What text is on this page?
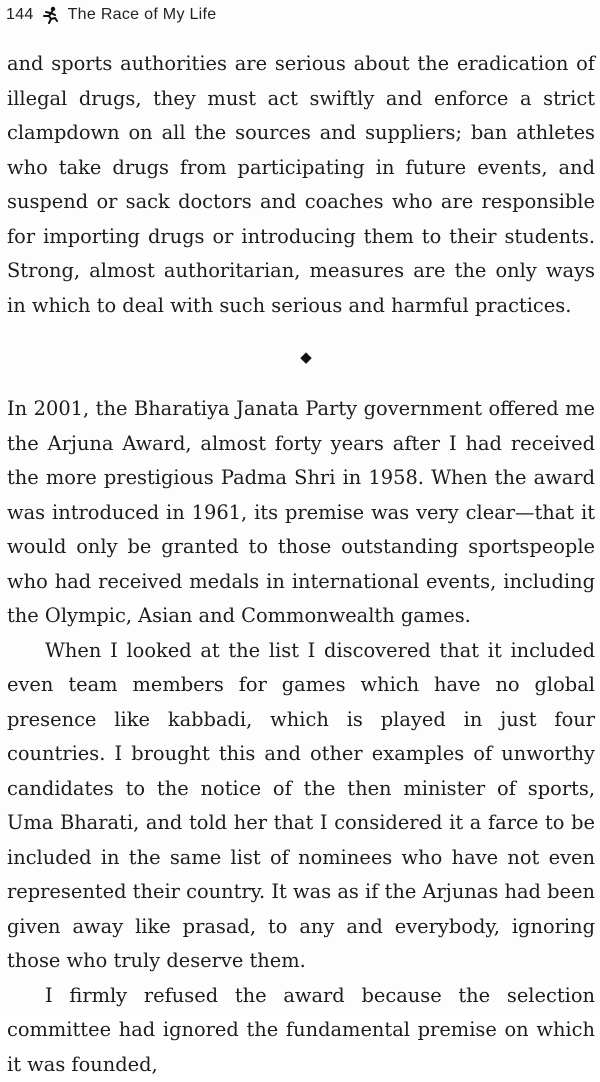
144 The Race of My Life

and sports authorities are serious about the eradication of illegal drugs, they must act swiftly and enforce a strict clampdown on all the sources and suppliers; ban athletes who take drugs from participating in future events, and suspend or sack doctors and coaches who are responsible for importing drugs or introducing them to their students. Strong, almost authoritarian, measures are the only ways in which to deal with such serious and harmful practices.

◆

In 2001, the Bharatiya Janata Party government offered me the Arjuna Award, almost forty years after I had received the more prestigious Padma Shri in 1958. When the award was introduced in 1961, its premise was very clear—that it would only be granted to those outstanding sportspeople who had received medals in international events, including the Olympic, Asian and Commonwealth games.

When I looked at the list I discovered that it included even team members for games which have no global presence like kabbadi, which is played in just four countries. I brought this and other examples of unworthy candidates to the notice of the then minister of sports, Uma Bharati, and told her that I considered it a farce to be included in the same list of nominees who have not even represented their country. It was as if the Arjunas had been given away like prasad, to any and everybody, ignoring those who truly deserve them.

I firmly refused the award because the selection committee had ignored the fundamental premise on which it was founded,
